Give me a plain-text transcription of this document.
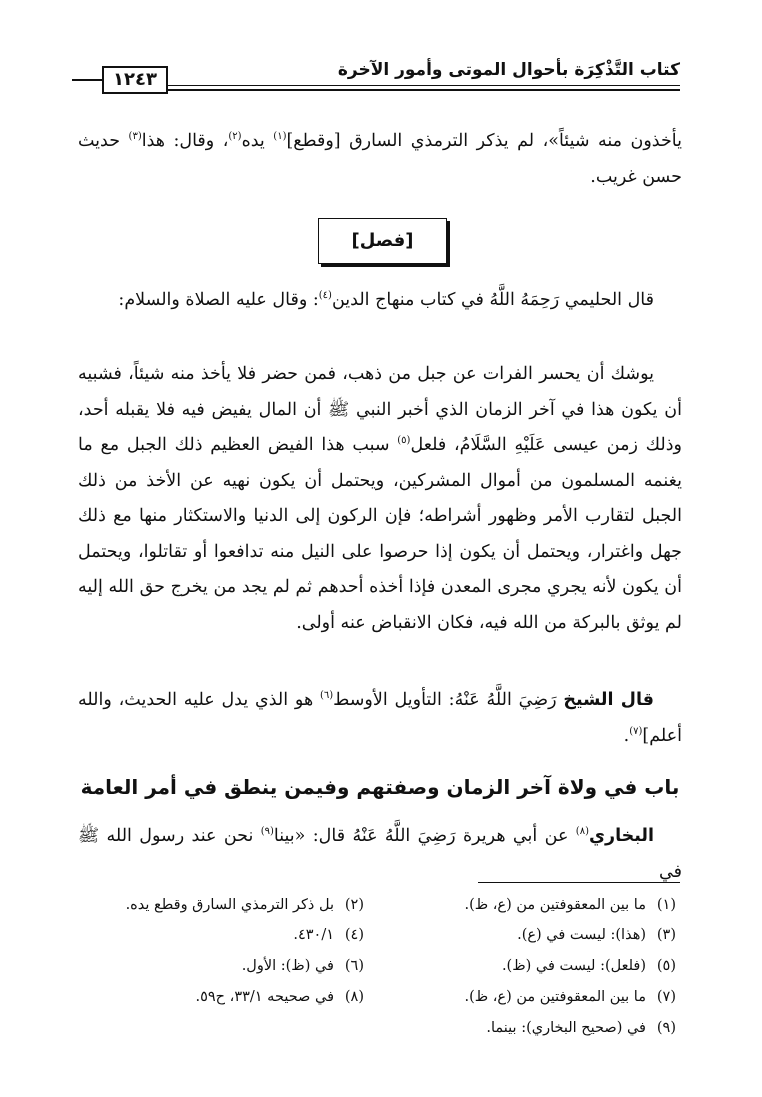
كتاب التَّذْكِرَة بأحوال الموتى وأمور الآخرة
١٢٤٣

يأخذون منه شيئاً»، لم يذكر الترمذي السارق [وقطع]$^{(١)}$ يده$^{(٢)}$، وقال: هذا$^{(٣)}$ حديث حسن غريب.

[فصل]

قال الحليمي رَحِمَهُ اللَّهُ في كتاب منهاج الدين$^{(٤)}$: وقال عليه الصلاة والسلام:

يوشك أن يحسر الفرات عن جبل من ذهب، فمن حضر فلا يأخذ منه شيئاً، فشبيه أن يكون هذا في آخر الزمان الذي أخبر النبي ﷺ أن المال يفيض فيه فلا يقبله أحد، وذلك زمن عيسى عَلَيْهِ السَّلَامُ، فلعل$^{(٥)}$ سبب هذا الفيض العظيم ذلك الجبل مع ما يغنمه المسلمون من أموال المشركين، ويحتمل أن يكون نهيه عن الأخذ من ذلك الجبل لتقارب الأمر وظهور أشراطه؛ فإن الركون إلى الدنيا والاستكثار منها مع ذلك جهل واغترار، ويحتمل أن يكون إذا حرصوا على النيل منه تدافعوا أو تقاتلوا، ويحتمل أن يكون لأنه يجري مجرى المعدن فإذا أخذه أحدهم ثم لم يجد من يخرج حق الله إليه لم يوثق بالبركة من الله فيه، فكان الانقباض عنه أولى.

قال الشيخ رَضِيَ اللَّهُ عَنْهُ: التأويل الأوسط$^{(٦)}$ هو الذي يدل عليه الحديث، والله أعلم]$^{(٧)}$.

باب في ولاة آخر الزمان وصفتهم وفيمن ينطق في أمر العامة

البخاري$^{(٨)}$ عن أبي هريرة رَضِيَ اللَّهُ عَنْهُ قال: «بينا$^{(٩)}$ نحن عند رسول الله ﷺ في

(١)ما بين المعقوفتين من (ع، ظ).
(٢)بل ذكر الترمذي السارق وقطع يده.
(٣)(هذا): ليست في (ع).
(٤)٤٣٠/١.
(٥)(فلعل): ليست في (ظ).
(٦)في (ظ): الأول.
(٧)ما بين المعقوفتين من (ع، ظ).
(٨)في صحيحه ٣٣/١، ح٥٩.
(٩)في (صحيح البخاري): بينما.
